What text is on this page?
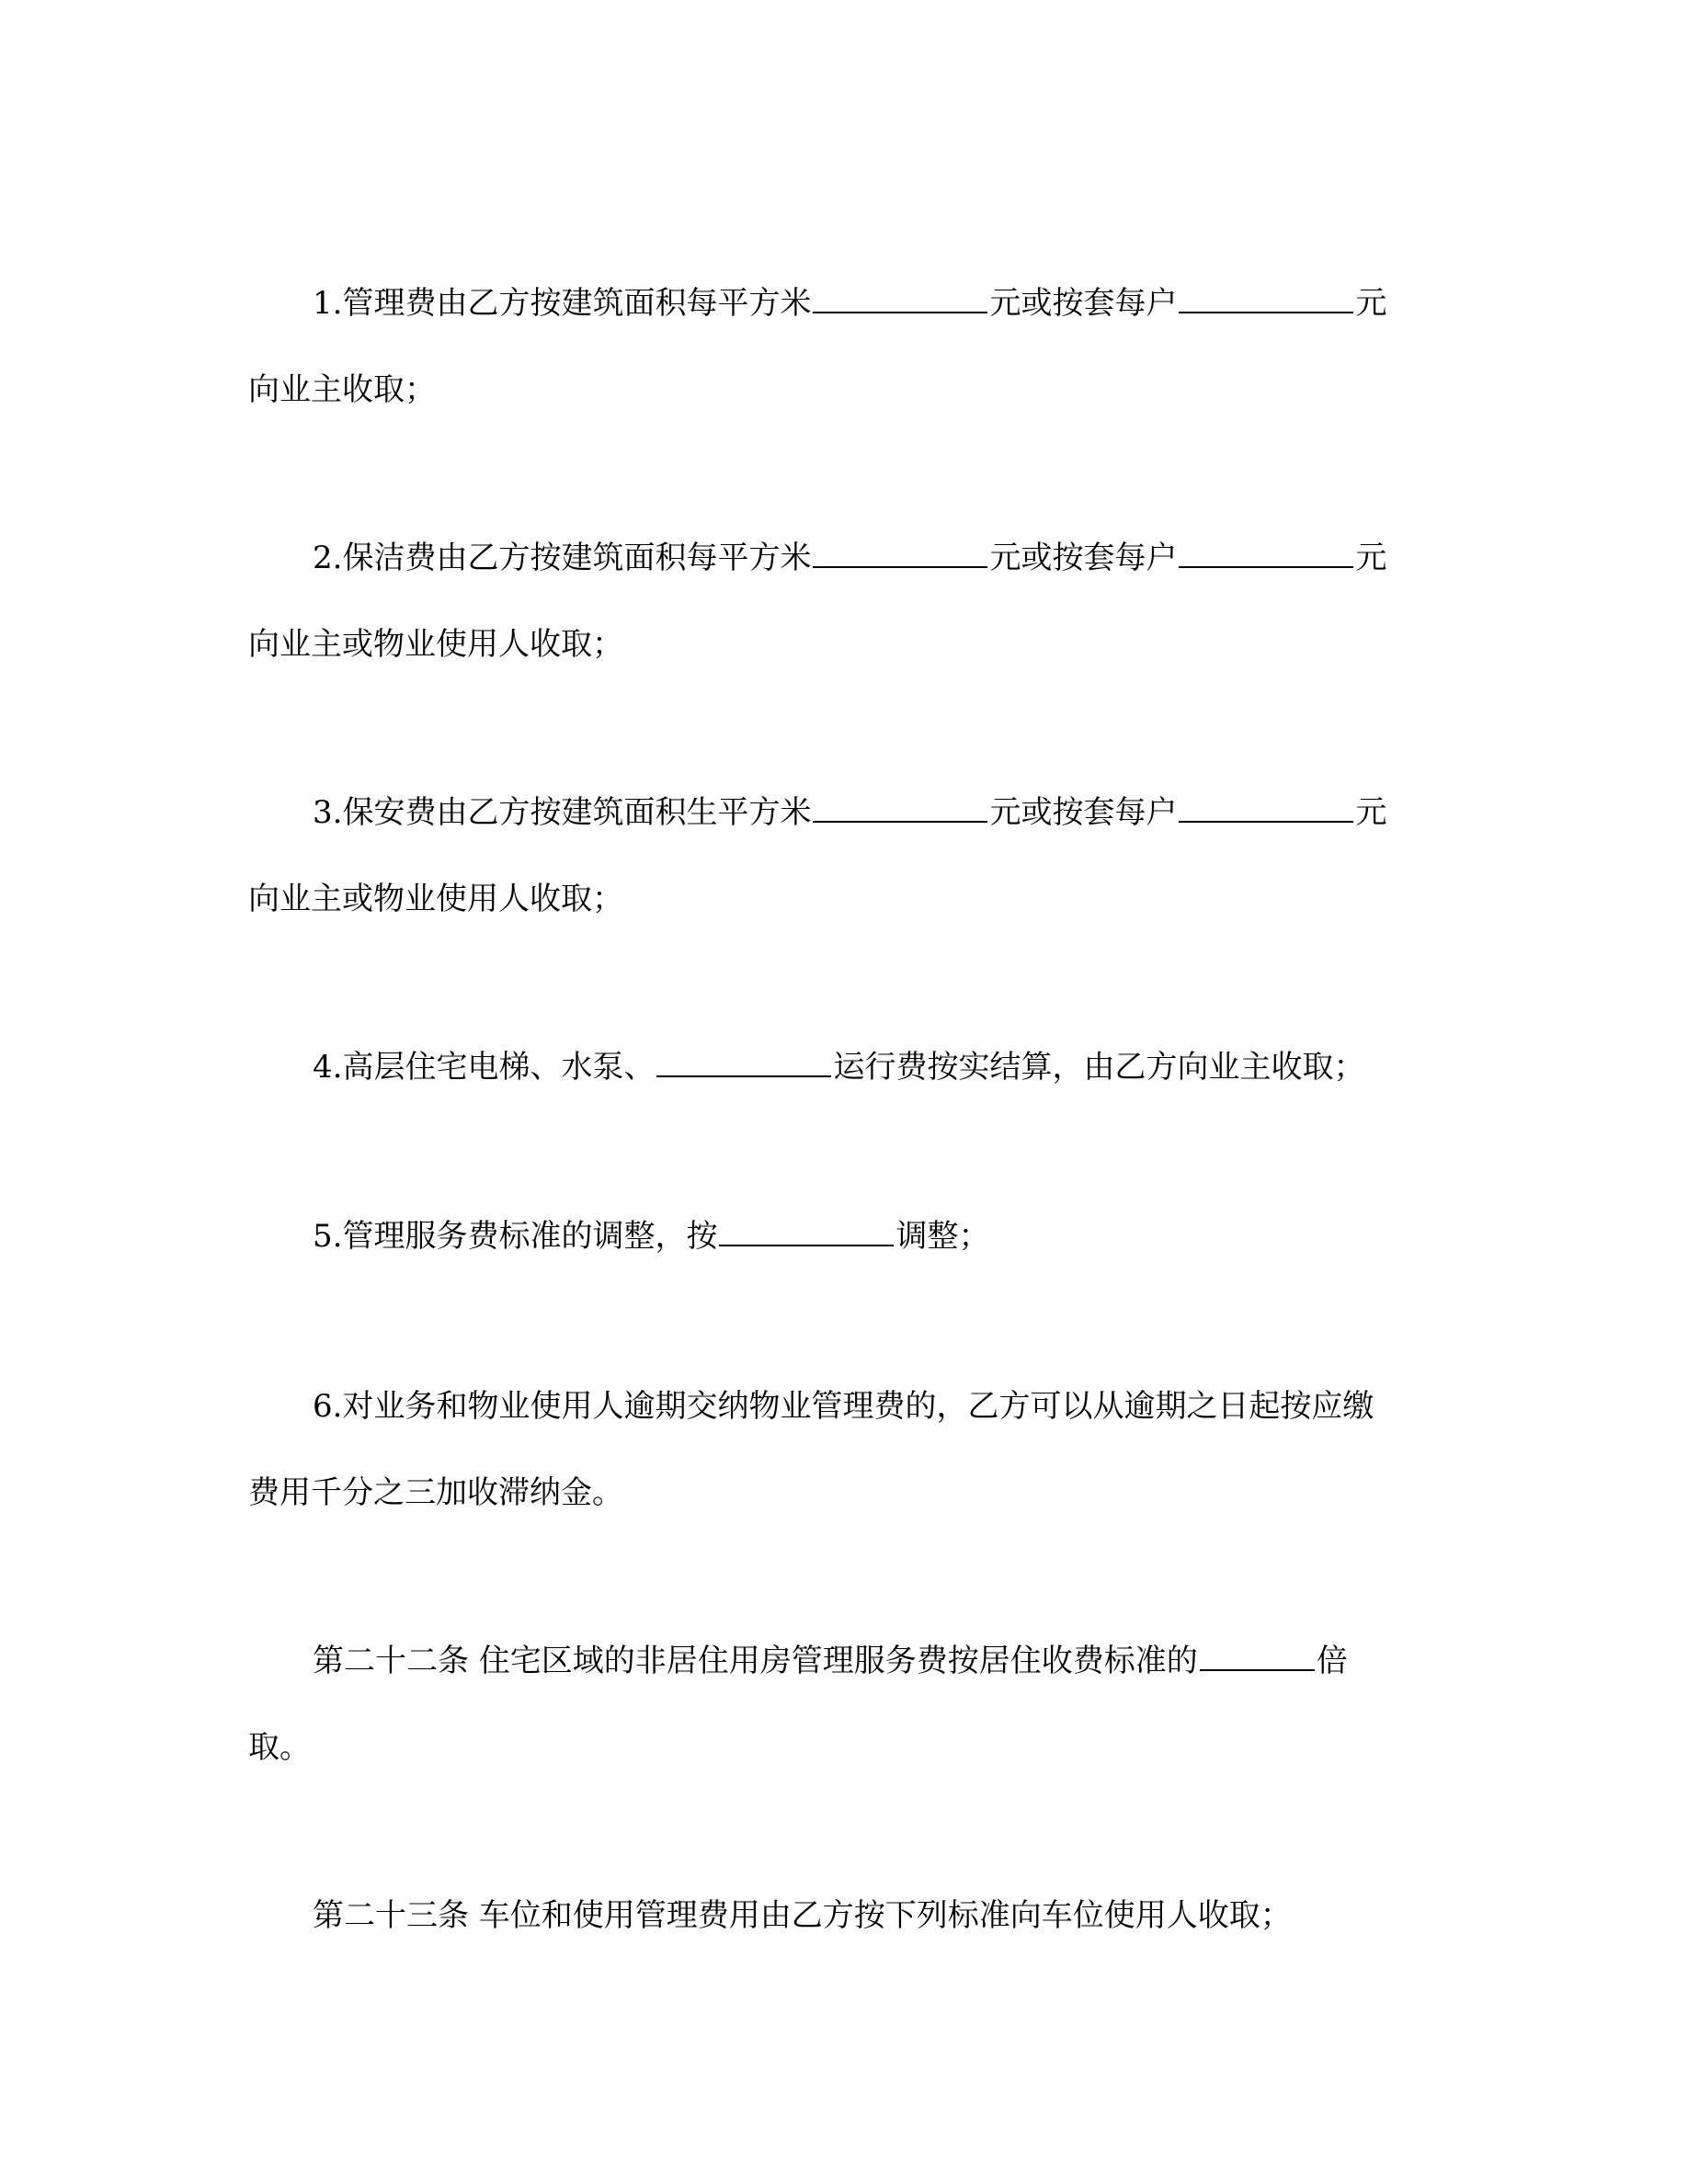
1.管理费由乙方按建筑面积每平方米	元或按套每户	元
向业主收取；
2.保洁费由乙方按建筑面积每平方米	元或按套每户	元
向业主或物业使用人收取；
3.保安费由乙方按建筑面积生平方米	元或按套每户	元
向业主或物业使用人收取；
4.高层住宅电梯、水泵、	运行费按实结算，由乙方向业主收取；
5.管理服务费标准的调整，按	调整；
6.对业务和物业使用人逾期交纳物业管理费的，乙方可以从逾期之日起按应缴
费用千分之三加收滞纳金。
第二十二条 住宅区域的非居住用房管理服务费按居住收费标准的	倍
取。
第二十三条 车位和使用管理费用由乙方按下列标准向车位使用人收取；
